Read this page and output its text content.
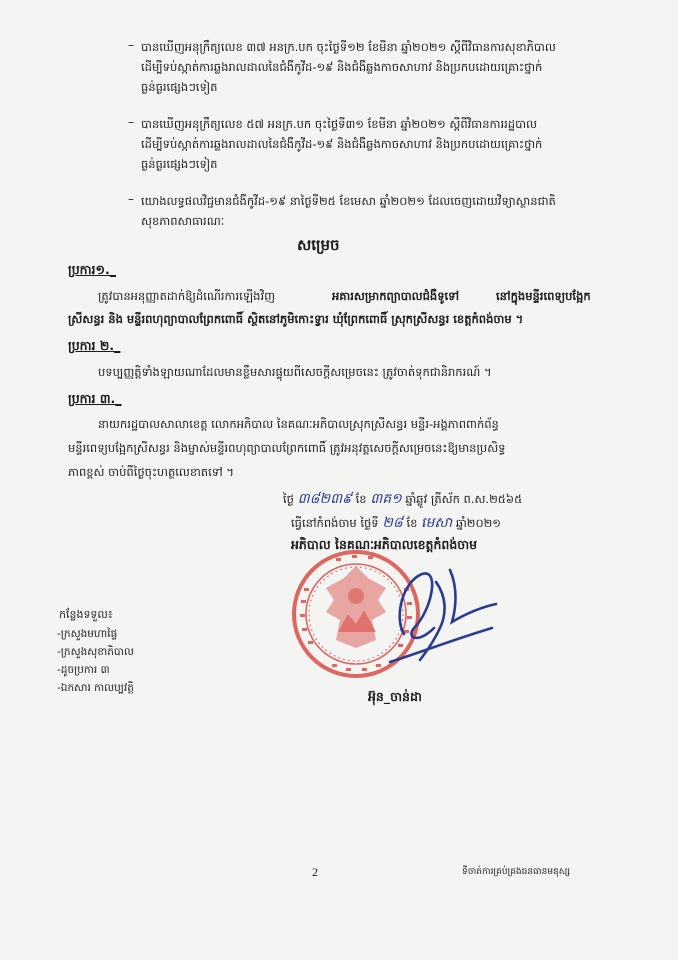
– បានឃើញអនុក្រឹត្យលេខ ៣៧ អនក្រ.បក ចុះថ្ងៃទី១២ ខែមីនា ឆ្នាំ២០២១ ស្ដីពីវិធានការសុខាភិបាល
ដើម្បីទប់ស្កាត់ការឆ្លងរាលដាលនៃជំងឺកូវីដ-១៩ និងជំងឺឆ្លងកាចសាហាវ និងប្រកបដោយគ្រោះថ្នាក់
ធ្ងន់ធ្ងរផ្សេងៗទៀត
– បានឃើញអនុក្រឹត្យលេខ ៥៧ អនក្រ.បក ចុះថ្ងៃទី៣១ ខែមីនា ឆ្នាំ២០២១ ស្ដីពីវិធានការរដ្ឋបាល
ដើម្បីទប់ស្កាត់ការឆ្លងរាលដាលនៃជំងឺកូវីដ-១៩ និងជំងឺឆ្លងកាចសាហាវ និងប្រកបដោយគ្រោះថ្នាក់
ធ្ងន់ធ្ងរផ្សេងៗទៀត
– យោងលទ្ធផលវិជ្ជមានជំងឺកូវីដ-១៩ នាថ្ងៃទី២៥ ខែមេសា ឆ្នាំ២០២១ ដែលចេញដោយវិទ្យាស្ថានជាតិ
សុខភាពសាធារណៈ
សម្រេច
ប្រការ១._
ត្រូវបានអនុញ្ញាតដាក់ឱ្យដំណើរការឡើងវិញ	អគារសម្រាកព្យាបាលជំងឺទូទៅ	នៅក្នុងមន្ទីរពេទ្យបង្អែក
ស្រីសន្ធរ និង មន្ទីរពហុព្យាបាលព្រែកពោធិ៍ ស្ថិតនៅភូមិកោះទ្វារ ឃុំព្រែកពោធិ៍ ស្រុកស្រីសន្ធរ ខេត្តកំពង់ចាម ។
ប្រការ ២._
បទប្បញ្ញត្តិទាំងឡាយណាដែលមានខ្លឹមសារផ្ទុយពីសេចក្ដីសម្រេចនេះ ត្រូវចាត់ទុកជានិរាករណ៍ ។
ប្រការ ៣._
នាយករដ្ឋបាលសាលាខេត្ត លោកអភិបាល នៃគណៈអភិបាលស្រុកស្រីសន្ធរ មន្ទីរ-អង្គភាពពាក់ព័ន្ធ
មន្ទីរពេទ្យបង្អែកស្រីសន្ធរ និងម្ចាស់មន្ទីរពហុព្យាបាលព្រែកពោធិ៍ ត្រូវអនុវត្តសេចក្ដីសម្រេចនេះឱ្យមានប្រសិទ្ធ
ភាពខ្ពស់ ចាប់ពីថ្ងៃចុះហត្ថលេខាតទៅ ។
ថ្ងៃ ៣៨២៣៩ ខែ ៣គ១ ឆ្នាំឆ្លូវ ត្រីស័ក ព.ស.២៥៦៥
ធ្វើនៅកំពង់ចាម ថ្ងៃទី ២៨ ខែ មេសា ឆ្នាំ២០២១
អភិបាល នៃគណៈអភិបាលខេត្តកំពង់ចាម
អ៊ុន_ចាន់ដា
កន្លែងទទួល៖
-ក្រសួងមហាផ្ទៃ
-ក្រសួងសុខាភិបាល
-ដូចប្រការ ៣
-ឯកសារ កាលប្បវត្តិ
2	ទីចាត់ការគ្រប់គ្រងធនធានមនុស្ស
